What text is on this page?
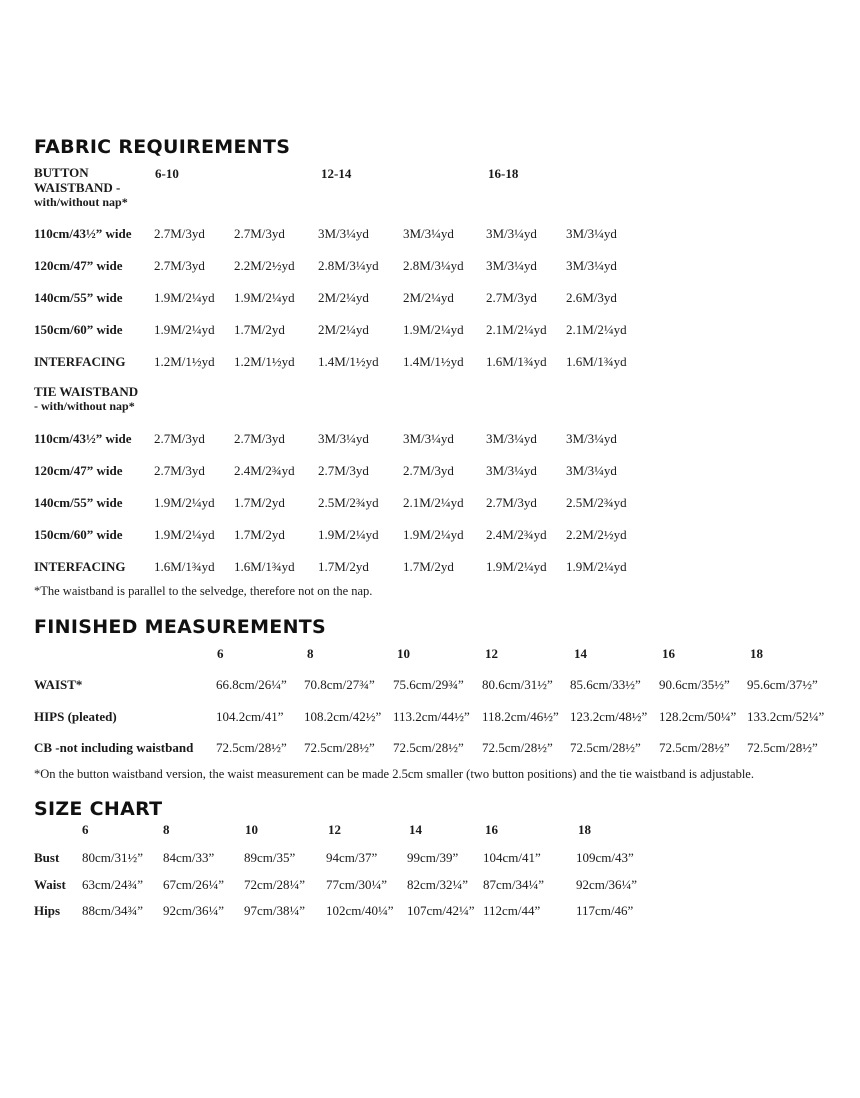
FABRIC REQUIREMENTS
BUTTON
WAISTBAND -
with/without nap*
6-10	12-14	16-18
110cm/43½” wide 2.7M/3yd 2.7M/3yd	3M/3¼yd	3M/3¼yd 3M/3¼yd 3M/3¼yd
120cm/47” wide 2.7M/3yd 2.2M/2½yd 2.8M/3¼yd 2.8M/3¼yd 3M/3¼yd 3M/3¼yd
140cm/55” wide 1.9M/2¼yd 1.9M/2¼yd 2M/2¼yd	2M/2¼yd 2.7M/3yd 2.6M/3yd
150cm/60” wide 1.9M/2¼yd 1.7M/2yd	2M/2¼yd	1.9M/2¼yd 2.1M/2¼yd 2.1M/2¼yd
INTERFACING 1.2M/1½yd 1.2M/1½yd 1.4M/1½yd 1.4M/1½yd 1.6M/1¾yd 1.6M/1¾yd
TIE WAISTBAND
- with/without nap*
110cm/43½” wide 2.7M/3yd 2.7M/3yd	3M/3¼yd	3M/3¼yd 3M/3¼yd 3M/3¼yd
120cm/47” wide 2.7M/3yd 2.4M/2¾yd 2.7M/3yd	2.7M/3yd 3M/3¼yd 3M/3¼yd
140cm/55” wide 1.9M/2¼yd 1.7M/2yd	2.5M/2¾yd 2.1M/2¼yd 2.7M/3yd 2.5M/2¾yd
150cm/60” wide 1.9M/2¼yd 1.7M/2yd	1.9M/2¼yd 1.9M/2¼yd 2.4M/2¾yd 2.2M/2½yd
INTERFACING 1.6M/1¾yd 1.6M/1¾yd 1.7M/2yd	1.7M/2yd 1.9M/2¼yd 1.9M/2¼yd
*The waistband is parallel to the selvedge, therefore not on the nap.
FINISHED MEASUREMENTS
6	8	10	12	14	16	18
WAIST*	66.8cm/26¼” 70.8cm/27¾” 75.6cm/29¾” 80.6cm/31½” 85.6cm/33½” 90.6cm/35½” 95.6cm/37½”
HIPS (pleated)	104.2cm/41” 108.2cm/42½” 113.2cm/44½” 118.2cm/46½” 123.2cm/48½” 128.2cm/50¼” 133.2cm/52¼”
CB -not including waistband 72.5cm/28½” 72.5cm/28½” 72.5cm/28½” 72.5cm/28½” 72.5cm/28½” 72.5cm/28½” 72.5cm/28½”
*On the button waistband version, the waist measurement can be made 2.5cm smaller (two button positions) and the tie waistband is adjustable.
SIZE CHART
6	8	10	12	14	16	18
Bust 80cm/31½” 84cm/33” 89cm/35” 94cm/37” 99cm/39” 104cm/41”	109cm/43”
Waist 63cm/24¾” 67cm/26¼” 72cm/28¼” 77cm/30¼” 82cm/32¼” 87cm/34¼” 92cm/36¼”
Hips 88cm/34¾” 92cm/36¼” 97cm/38¼” 102cm/40¼” 107cm/42¼” 112cm/44”	117cm/46”
